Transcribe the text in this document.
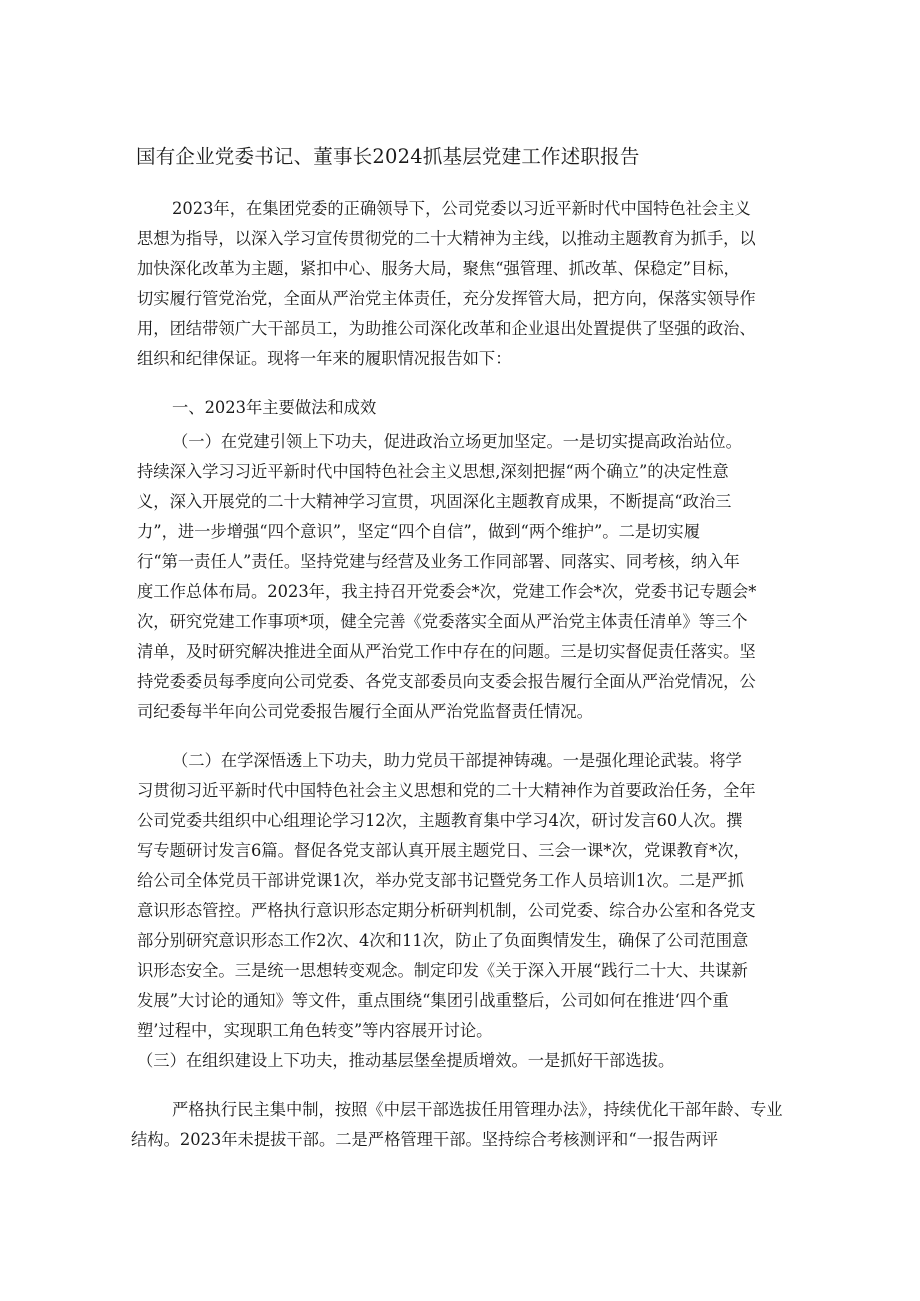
国有企业党委书记、董事长2024抓基层党建工作述职报告
2023年，在集团党委的正确领导下，公司党委以习近平新时代中国特色社会主义
思想为指导，以深入学习宣传贯彻党的二十大精神为主线，以推动主题教育为抓手，以
加快深化改革为主题，紧扣中心、服务大局，聚焦“强管理、抓改革、保稳定”目标，
切实履行管党治党，全面从严治党主体责任，充分发挥管大局，把方向，保落实领导作
用，团结带领广大干部员工，为助推公司深化改革和企业退出处置提供了坚强的政治、
组织和纪律保证。现将一年来的履职情况报告如下：
一、2023年主要做法和成效
（一）在党建引领上下功夫，促进政治立场更加坚定。一是切实提高政治站位。
持续深入学习习近平新时代中国特色社会主义思想,深刻把握“两个确立”的决定性意
义，深入开展党的二十大精神学习宣贯，巩固深化主题教育成果，不断提高“政治三
力”，进一步增强“四个意识”，坚定“四个自信”，做到“两个维护”。二是切实履
行“第一责任人”责任。坚持党建与经营及业务工作同部署、同落实、同考核，纳入年
度工作总体布局。2023年，我主持召开党委会*次，党建工作会*次，党委书记专题会*
次，研究党建工作事项*项，健全完善《党委落实全面从严治党主体责任清单》等三个
清单，及时研究解决推进全面从严治党工作中存在的问题。三是切实督促责任落实。坚
持党委委员每季度向公司党委、各党支部委员向支委会报告履行全面从严治党情况，公
司纪委每半年向公司党委报告履行全面从严治党监督责任情况。
（二）在学深悟透上下功夫，助力党员干部提神铸魂。一是强化理论武装。将学
习贯彻习近平新时代中国特色社会主义思想和党的二十大精神作为首要政治任务，全年
公司党委共组织中心组理论学习12次，主题教育集中学习4次，研讨发言60人次。撰
写专题研讨发言6篇。督促各党支部认真开展主题党日、三会一课*次，党课教育*次，
给公司全体党员干部讲党课1次，举办党支部书记暨党务工作人员培训1次。二是严抓
意识形态管控。严格执行意识形态定期分析研判机制，公司党委、综合办公室和各党支
部分别研究意识形态工作2次、4次和11次，防止了负面舆情发生，确保了公司范围意
识形态安全。三是统一思想转变观念。制定印发《关于深入开展“践行二十大、共谋新
发展”大讨论的通知》等文件，重点围绕“集团引战重整后，公司如何在推进‘四个重
塑’过程中，实现职工角色转变”等内容展开讨论。
（三）在组织建设上下功夫，推动基层堡垒提质增效。一是抓好干部选拔。
严格执行民主集中制，按照《中层干部选拔任用管理办法》，持续优化干部年龄、专业
结构。2023年未提拔干部。二是严格管理干部。坚持综合考核测评和“一报告两评
